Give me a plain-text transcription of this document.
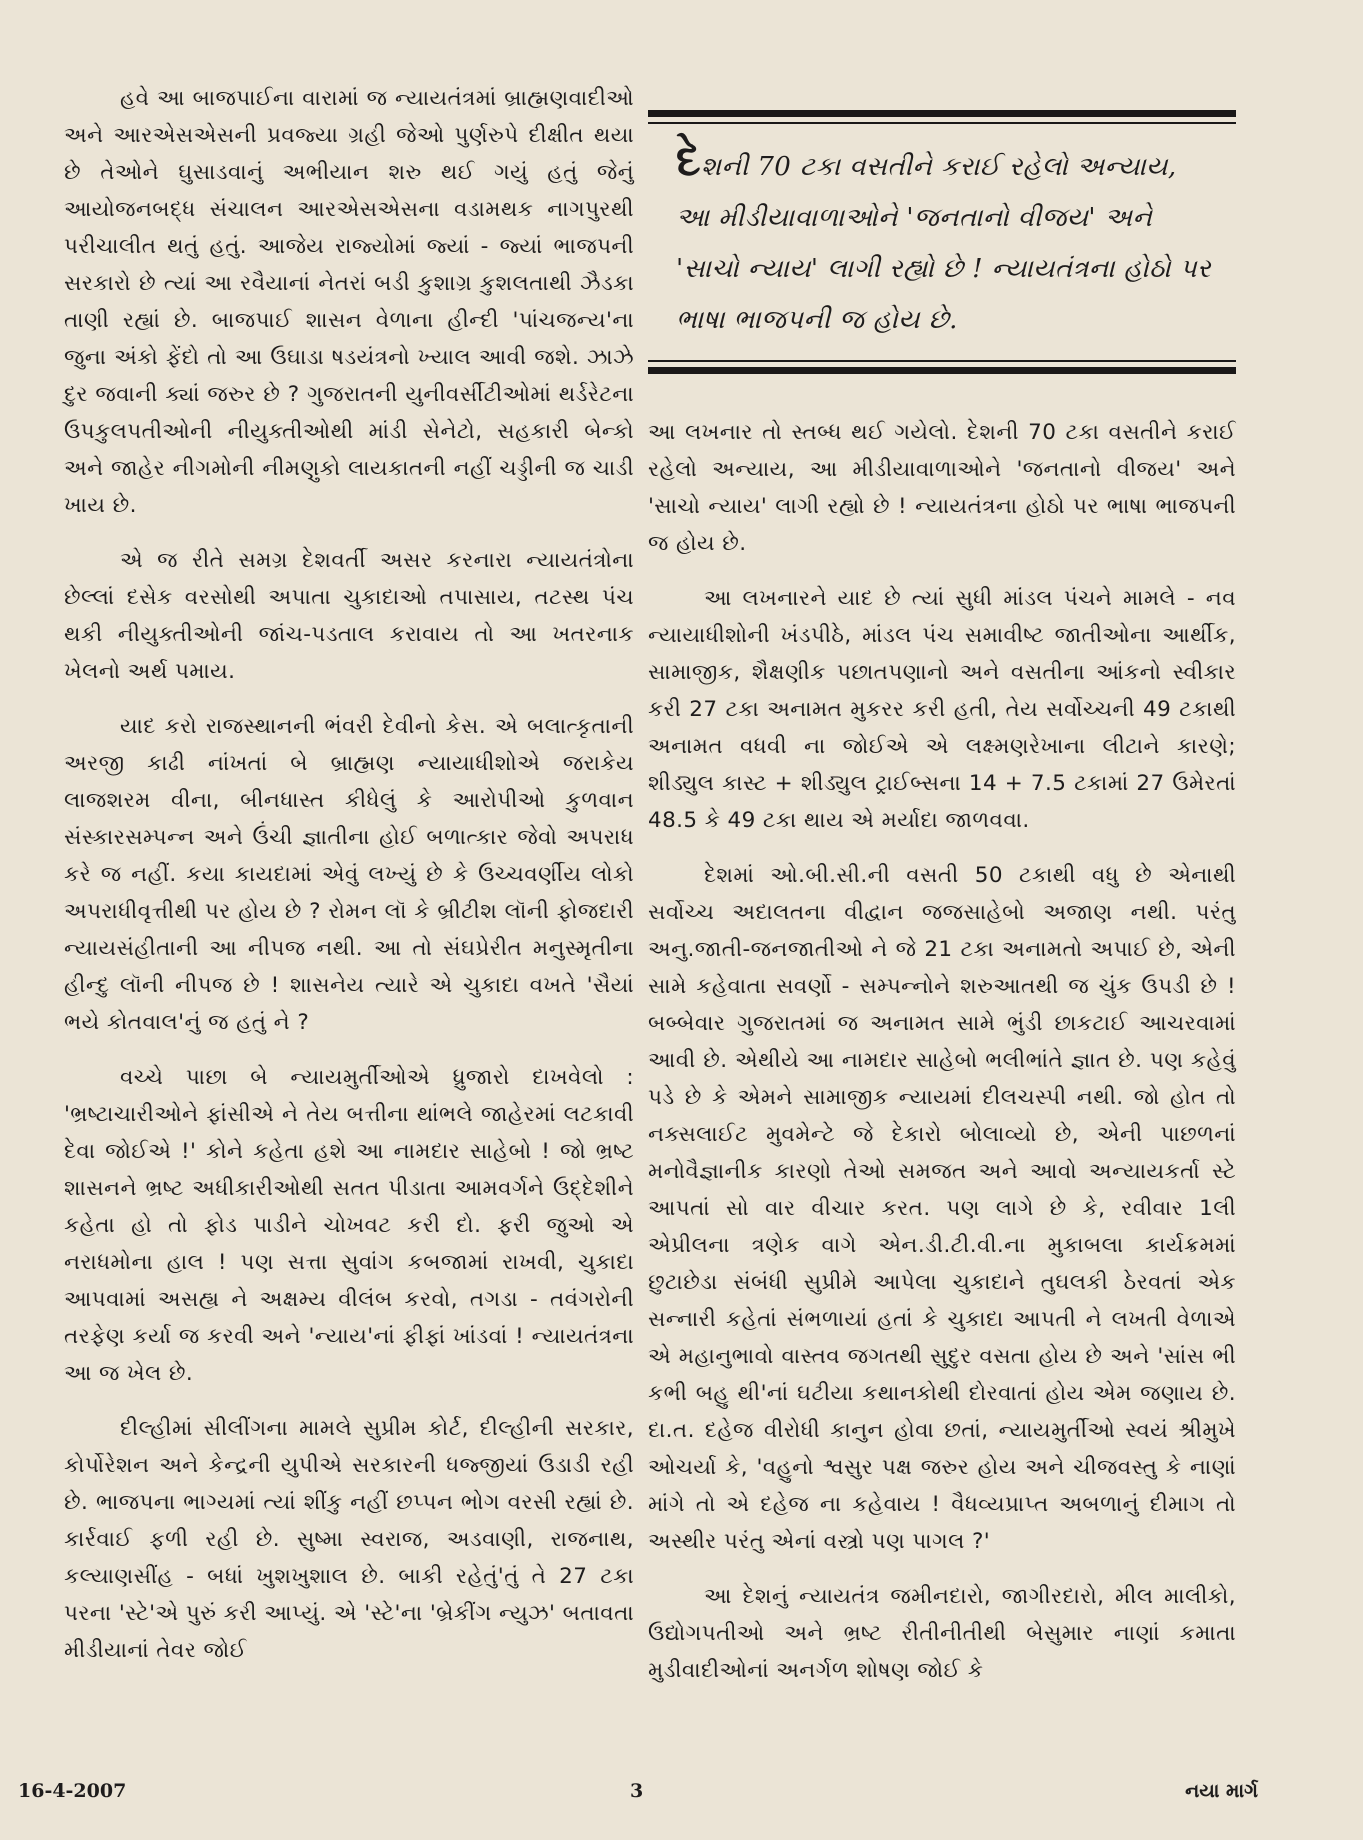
હવે આ બાજપાઈના વારામાં જ ન્યાયતંત્રમાં બ્રાહ્મણવાદીઓ અને આરએસએસની પ્રવજ્યા ગ્રહી જેઓ પુર્ણરુપે દીક્ષીત થયા છે તેઓને ઘુસાડવાનું અભીયાન શરુ થઈ ગયું હતું જેનું આયોજનબદ્ધ સંચાલન આરએસએસના વડામથક નાગપુરથી પરીચાલીત થતું હતું. આજેય રાજ્યોમાં જ્યાં - જ્યાં ભાજપની સરકારો છે ત્યાં આ રવૈયાનાં નેતરાં બડી કુશાગ્ર કુશલતાથી ઝૈડકા તાણી રહ્યાં છે. બાજપાઈ શાસન વેળાના હીન્દી 'પાંચજન્ય'ના જુના અંકો ફેંદો તો આ ઉઘાડા ષડયંત્રનો ખ્યાલ આવી જશે. ઝાઝે દુર જવાની ક્યાં જરુર છે ? ગુજરાતની યુનીવર્સીટીઓમાં થર્ડરેટના ઉપકુલપતીઓની નીયુક્તીઓથી માંડી સેનેટો, સહકારી બેન્કો અને જાહેર નીગમોની નીમણુકો લાયકાતની નહીં ચડ્ડીની જ ચાડી ખાય છે.

એ જ રીતે સમગ્ર દેશવર્તી અસર કરનારા ન્યાયતંત્રોના છેલ્લાં દસેક વરસોથી અપાતા ચુકાદાઓ તપાસાય, તટસ્થ પંચ થકી નીયુક્તીઓની જાંચ-પડતાલ કરાવાય તો આ ખતરનાક ખેલનો અર્થ પમાય.

યાદ કરો રાજસ્થાનની ભંવરી દેવીનો કેસ. એ બલાત્કૃતાની અરજી કાઢી નાંખતાં બે બ્રાહ્મણ ન્યાયાધીશોએ જરાકેય લાજશરમ વીના, બીનધાસ્ત કીધેલું કે આરોપીઓ કુળવાન સંસ્કારસમ્પન્ન અને ઉંચી જ્ઞાતીના હોઈ બળાત્કાર જેવો અપરાધ કરે જ નહીં. કયા કાયદામાં એવું લખ્યું છે કે ઉચ્ચવર્ણીય લોકો અપરાધીવૃત્તીથી પર હોય છે ? રોમન લૉ કે બ્રીટીશ લૉની ફોજદારી ન્યાયસંહીતાની આ નીપજ નથી. આ તો સંઘપ્રેરીત મનુસ્મૃતીના હીન્દુ લૉની નીપજ છે ! શાસનેય ત્યારે એ ચુકાદા વખતે 'સૈયાં ભયે કોતવાલ'નું જ હતું ને ?

વચ્ચે પાછા બે ન્યાયમુર્તીઓએ ધ્રુજારો દાખવેલો : 'ભ્રષ્ટાચારીઓને ફાંસીએ ને તેય બત્તીના થાંભલે જાહેરમાં લટકાવી દેવા જોઈએ !' કોને કહેતા હશે આ નામદાર સાહેબો ! જો ભ્રષ્ટ શાસનને ભ્રષ્ટ અધીકારીઓથી સતત પીડાતા આમવર્ગને ઉદ્દેશીને કહેતા હો તો ફોડ પાડીને ચોખવટ કરી દો. ફરી જુઓ એ નરાધમોના હાલ ! પણ સત્તા સુવાંગ કબજામાં રાખવી, ચુકાદા આપવામાં અસહ્ય ને અક્ષમ્ય વીલંબ કરવો, તગડા - તવંગરોની તરફેણ કર્યા જ કરવી અને 'ન્યાય'નાં ફીફાં ખાંડવાં ! ન્યાયતંત્રના આ જ ખેલ છે.

દીલ્હીમાં સીલીંગના મામલે સુપ્રીમ કોર્ટ, દીલ્હીની સરકાર, કોર્પોરેશન અને કેન્દ્રની યુપીએ સરકારની ધજ્જીયાં ઉડાડી રહી છે. ભાજપના ભાગ્યમાં ત્યાં શીંકુ નહીં છપ્પન ભોગ વરસી રહ્યાં છે. કાર્રવાઈ ફળી રહી છે. સુષ્મા સ્વરાજ, અડવાણી, રાજનાથ, કલ્યાણસીંહ - બધાં ખુશખુશાલ છે. બાકી રહેતું'તું તે 27 ટકા પરના 'સ્ટે'એ પુરું કરી આપ્યું. એ 'સ્ટે'ના 'બ્રેકીંગ ન્યુઝ' બતાવતા મીડીયાનાં તેવર જોઈ

દેશની 70 ટકા વસતીને કરાઈ રહેલો અન્યાય, આ મીડીયાવાળાઓને 'જનતાનો વીજય' અને 'સાચો ન્યાય' લાગી રહ્યો છે ! ન્યાયતંત્રના હોઠો પર ભાષા ભાજપની જ હોય છે.

આ લખનાર તો સ્તબ્ધ થઈ ગયેલો. દેશની 70 ટકા વસતીને કરાઈ રહેલો અન્યાય, આ મીડીયાવાળાઓને 'જનતાનો વીજય' અને 'સાચો ન્યાય' લાગી રહ્યો છે ! ન્યાયતંત્રના હોઠો પર ભાષા ભાજપની જ હોય છે.

આ લખનારને યાદ છે ત્યાં સુધી માંડલ પંચને મામલે - નવ ન્યાયાધીશોની ખંડપીઠે, માંડલ પંચ સમાવીષ્ટ જાતીઓના આર્થીક, સામાજીક, શૈક્ષણીક પછાતપણાનો અને વસતીના આંકનો સ્વીકાર કરી 27 ટકા અનામત મુકરર કરી હતી, તેય સર્વોચ્ચની 49 ટકાથી અનામત વધવી ના જોઈએ એ લક્ષ્મણરેખાના લીટાને કારણે; શીડ્યુલ કાસ્ટ + શીડ્યુલ ટ્રાઈબ્સના 14 + 7.5 ટકામાં 27 ઉમેરતાં 48.5 કે 49 ટકા થાય એ મર્યાદા જાળવવા.

દેશમાં ઓ.બી.સી.ની વસતી 50 ટકાથી વધુ છે એનાથી સર્વોચ્ચ અદાલતના વીદ્વાન જજસાહેબો અજાણ નથી. પરંતુ અનુ.જાતી-જનજાતીઓ ને જે 21 ટકા અનામતો અપાઈ છે, એની સામે કહેવાતા સવર્ણો - સમ્પન્નોને શરુઆતથી જ ચુંક ઉપડી છે ! બબ્બેવાર ગુજરાતમાં જ અનામત સામે ભુંડી છાકટાઈ આચરવામાં આવી છે. એથીયે આ નામદાર સાહેબો ભલીભાંતે જ્ઞાત છે. પણ કહેવું પડે છે કે એમને સામાજીક ન્યાયમાં દીલચસ્પી નથી. જો હોત તો નક્સલાઈટ મુવમેન્ટે જે દેકારો બોલાવ્યો છે, એની પાછળનાં મનોવૈજ્ઞાનીક કારણો તેઓ સમજત અને આવો અન્યાયકર્તા સ્ટે આપતાં સો વાર વીચાર કરત. પણ લાગે છે કે, રવીવાર 1લી એપ્રીલના ત્રણેક વાગે એન.ડી.ટી.વી.ના મુકાબલા કાર્યક્રમમાં છુટાછેડા સંબંધી સુપ્રીમે આપેલા ચુકાદાને તુઘલકી ઠેરવતાં એક સન્નારી કહેતાં સંભળાયાં હતાં કે ચુકાદા આપતી ને લખતી વેળાએ એ મહાનુભાવો વાસ્તવ જગતથી સુદુર વસતા હોય છે અને 'સાંસ ભી કભી બહુ થી'નાં ઘટીયા કથાનકોથી દોરવાતાં હોય એમ જણાય છે. દા.ત. દહેજ વીરોધી કાનુન હોવા છતાં, ન્યાયમુર્તીઓ સ્વયં શ્રીમુખે ઓચર્યા કે, 'વહુનો શ્વસુર પક્ષ જરુર હોય અને ચીજવસ્તુ કે નાણાં માંગે તો એ દહેજ ના કહેવાય ! વૈધવ્યપ્રાપ્ત અબળાનું દીમાગ તો અસ્થીર પરંતુ એનાં વસ્ત્રો પણ પાગલ ?'

આ દેશનું ન્યાયતંત્ર જમીનદારો, જાગીરદારો, મીલ માલીકો, ઉદ્યોગપતીઓ અને ભ્રષ્ટ રીતીનીતીથી બેસુમાર નાણાં કમાતા મુડીવાદીઓનાં અનર્ગળ શોષણ જોઈ કે

16-4-2007	3	નયા માર્ગ
